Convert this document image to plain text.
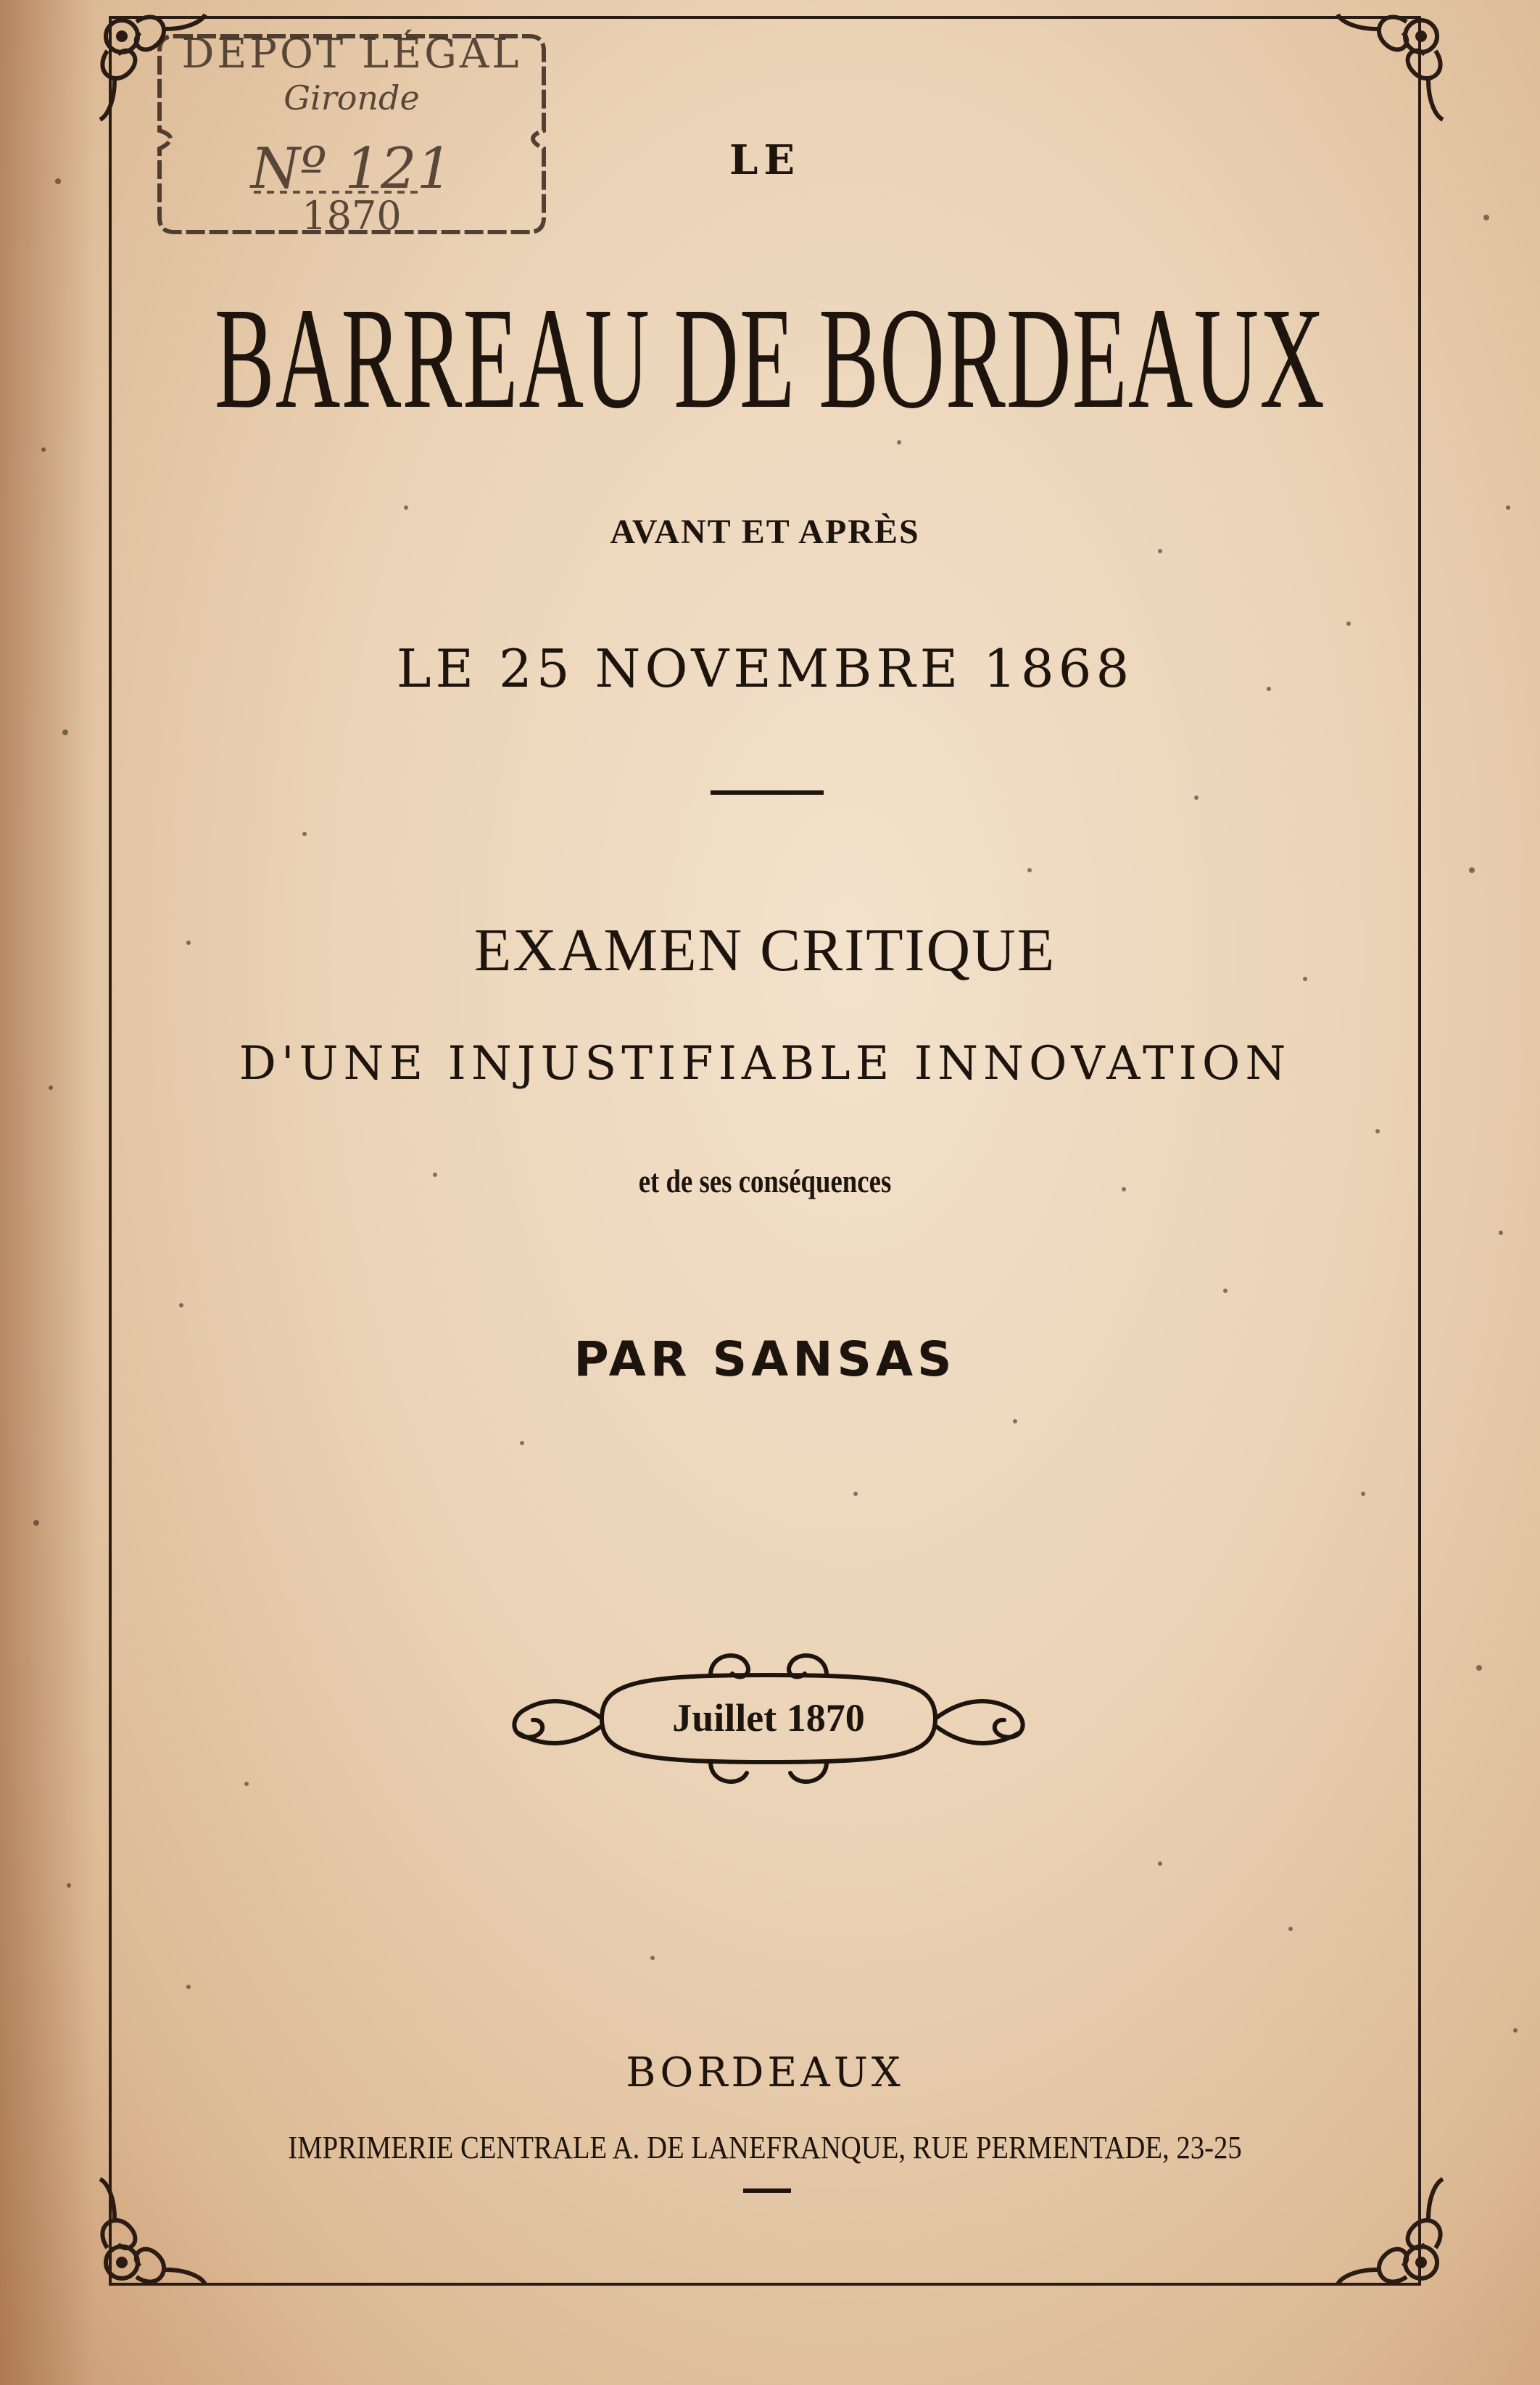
DEPOT LÉGAL
Gironde
Nº 121
1870
LE
BARREAU DE BORDEAUX
AVANT ET APRÈS
LE 25 NOVEMBRE 1868
EXAMEN CRITIQUE
D'UNE INJUSTIFIABLE INNOVATION
et de ses conséquences
PAR SANSAS
Juillet 1870
BORDEAUX
IMPRIMERIE CENTRALE A. DE LANEFRANQUE, RUE PERMENTADE, 23-25
